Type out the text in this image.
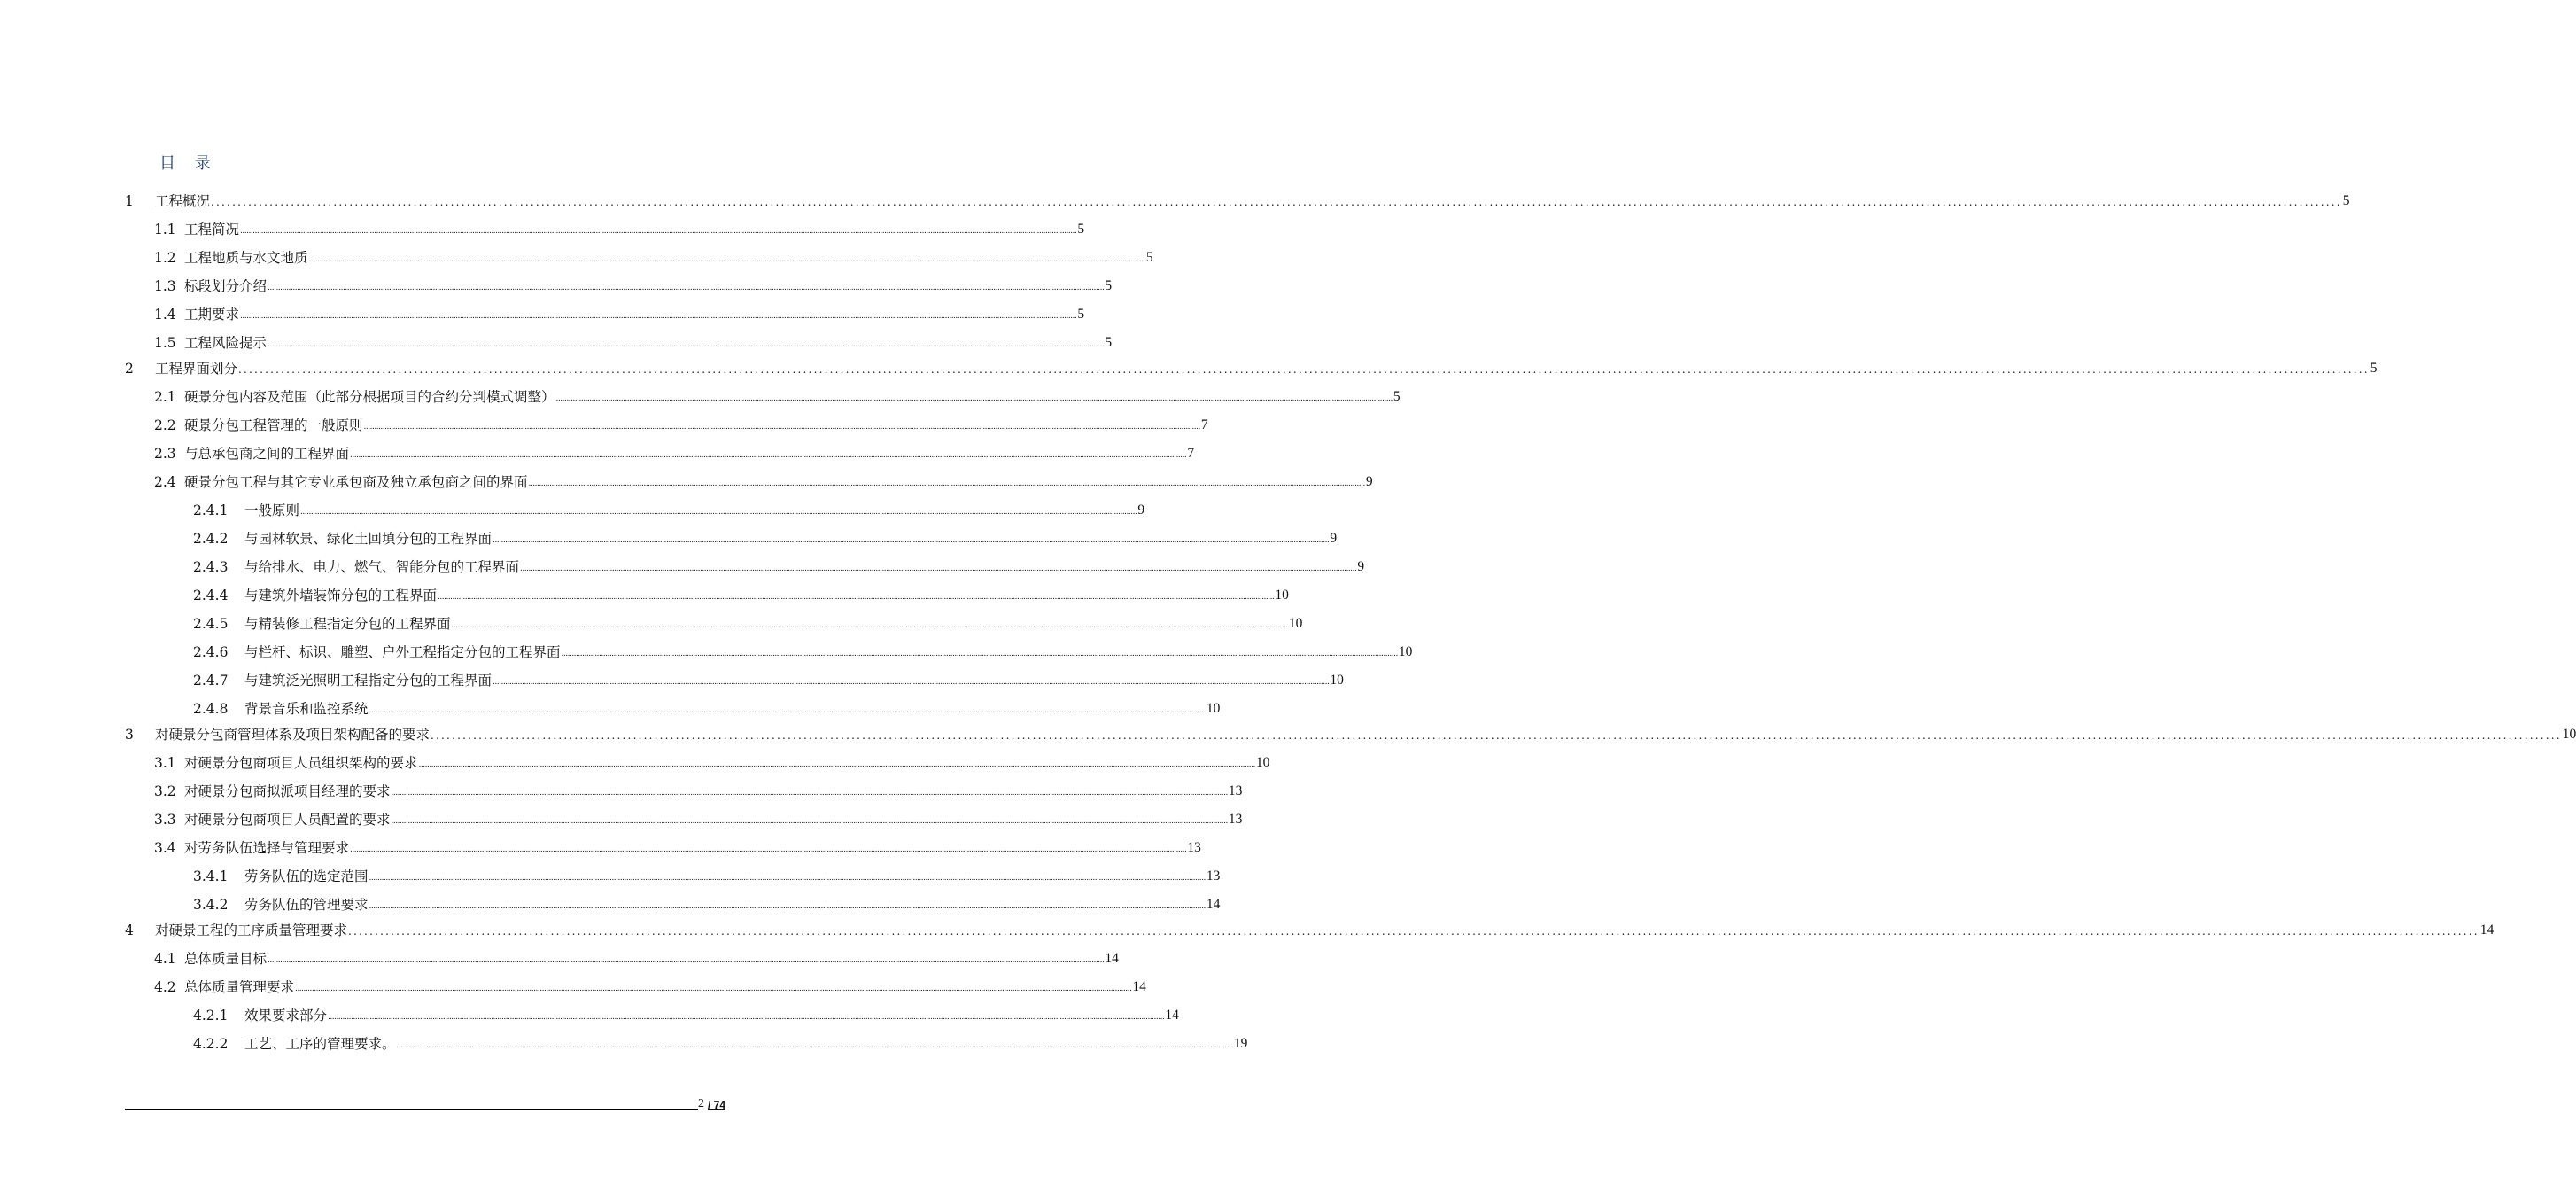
目 录
1	工程概况 ................................................................................................................................................................................................................................................................................................................................................................................................................ 5
1.1 工程简况 ................................................................................................................................................................................................................................................................................................................................................................................................................ 5
1.2 工程地质与水文地质 ................................................................................................................................................................................................................................................................................................................................................................................................................ 5
1.3 标段划分介绍 ................................................................................................................................................................................................................................................................................................................................................................................................................ 5
1.4 工期要求 ................................................................................................................................................................................................................................................................................................................................................................................................................ 5
1.5 工程风险提示 ................................................................................................................................................................................................................................................................................................................................................................................................................ 5
2	工程界面划分 ................................................................................................................................................................................................................................................................................................................................................................................................................ 5
2.1 硬景分包内容及范围（此部分根据项目的合约分判模式调整） ................................................................................................................................................................................................................................................................................................................................................................................................................ 5
2.2 硬景分包工程管理的一般原则 ................................................................................................................................................................................................................................................................................................................................................................................................................ 7
2.3 与总承包商之间的工程界面 ................................................................................................................................................................................................................................................................................................................................................................................................................ 7
2.4 硬景分包工程与其它专业承包商及独立承包商之间的界面 ................................................................................................................................................................................................................................................................................................................................................................................................................ 9
2.4.1 一般原则 ................................................................................................................................................................................................................................................................................................................................................................................................................ 9
2.4.2 与园林软景、绿化土回填分包的工程界面 ................................................................................................................................................................................................................................................................................................................................................................................................................ 9
2.4.3 与给排水、电力、燃气、智能分包的工程界面 ................................................................................................................................................................................................................................................................................................................................................................................................................ 9
2.4.4 与建筑外墙装饰分包的工程界面 ................................................................................................................................................................................................................................................................................................................................................................................................................ 10
2.4.5 与精装修工程指定分包的工程界面 ................................................................................................................................................................................................................................................................................................................................................................................................................ 10
2.4.6 与栏杆、标识、雕塑、户外工程指定分包的工程界面 ................................................................................................................................................................................................................................................................................................................................................................................................................ 10
2.4.7 与建筑泛光照明工程指定分包的工程界面 ................................................................................................................................................................................................................................................................................................................................................................................................................ 10
2.4.8 背景音乐和监控系统 ................................................................................................................................................................................................................................................................................................................................................................................................................ 10
3	对硬景分包商管理体系及项目架构配备的要求 ................................................................................................................................................................................................................................................................................................................................................................................................................ 10
3.1 对硬景分包商项目人员组织架构的要求 ................................................................................................................................................................................................................................................................................................................................................................................................................ 10
3.2 对硬景分包商拟派项目经理的要求 ................................................................................................................................................................................................................................................................................................................................................................................................................ 13
3.3 对硬景分包商项目人员配置的要求 ................................................................................................................................................................................................................................................................................................................................................................................................................ 13
3.4 对劳务队伍选择与管理要求 ................................................................................................................................................................................................................................................................................................................................................................................................................ 13
3.4.1 劳务队伍的选定范围 ................................................................................................................................................................................................................................................................................................................................................................................................................ 13
3.4.2 劳务队伍的管理要求 ................................................................................................................................................................................................................................................................................................................................................................................................................ 14
4	对硬景工程的工序质量管理要求 ................................................................................................................................................................................................................................................................................................................................................................................................................ 14
4.1 总体质量目标 ................................................................................................................................................................................................................................................................................................................................................................................................................ 14
4.2 总体质量管理要求 ................................................................................................................................................................................................................................................................................................................................................................................................................ 14
4.2.1 效果要求部分 ................................................................................................................................................................................................................................................................................................................................................................................................................ 14
4.2.2 工艺、工序的管理要求。 ................................................................................................................................................................................................................................................................................................................................................................................................................ 19
2 / 74
